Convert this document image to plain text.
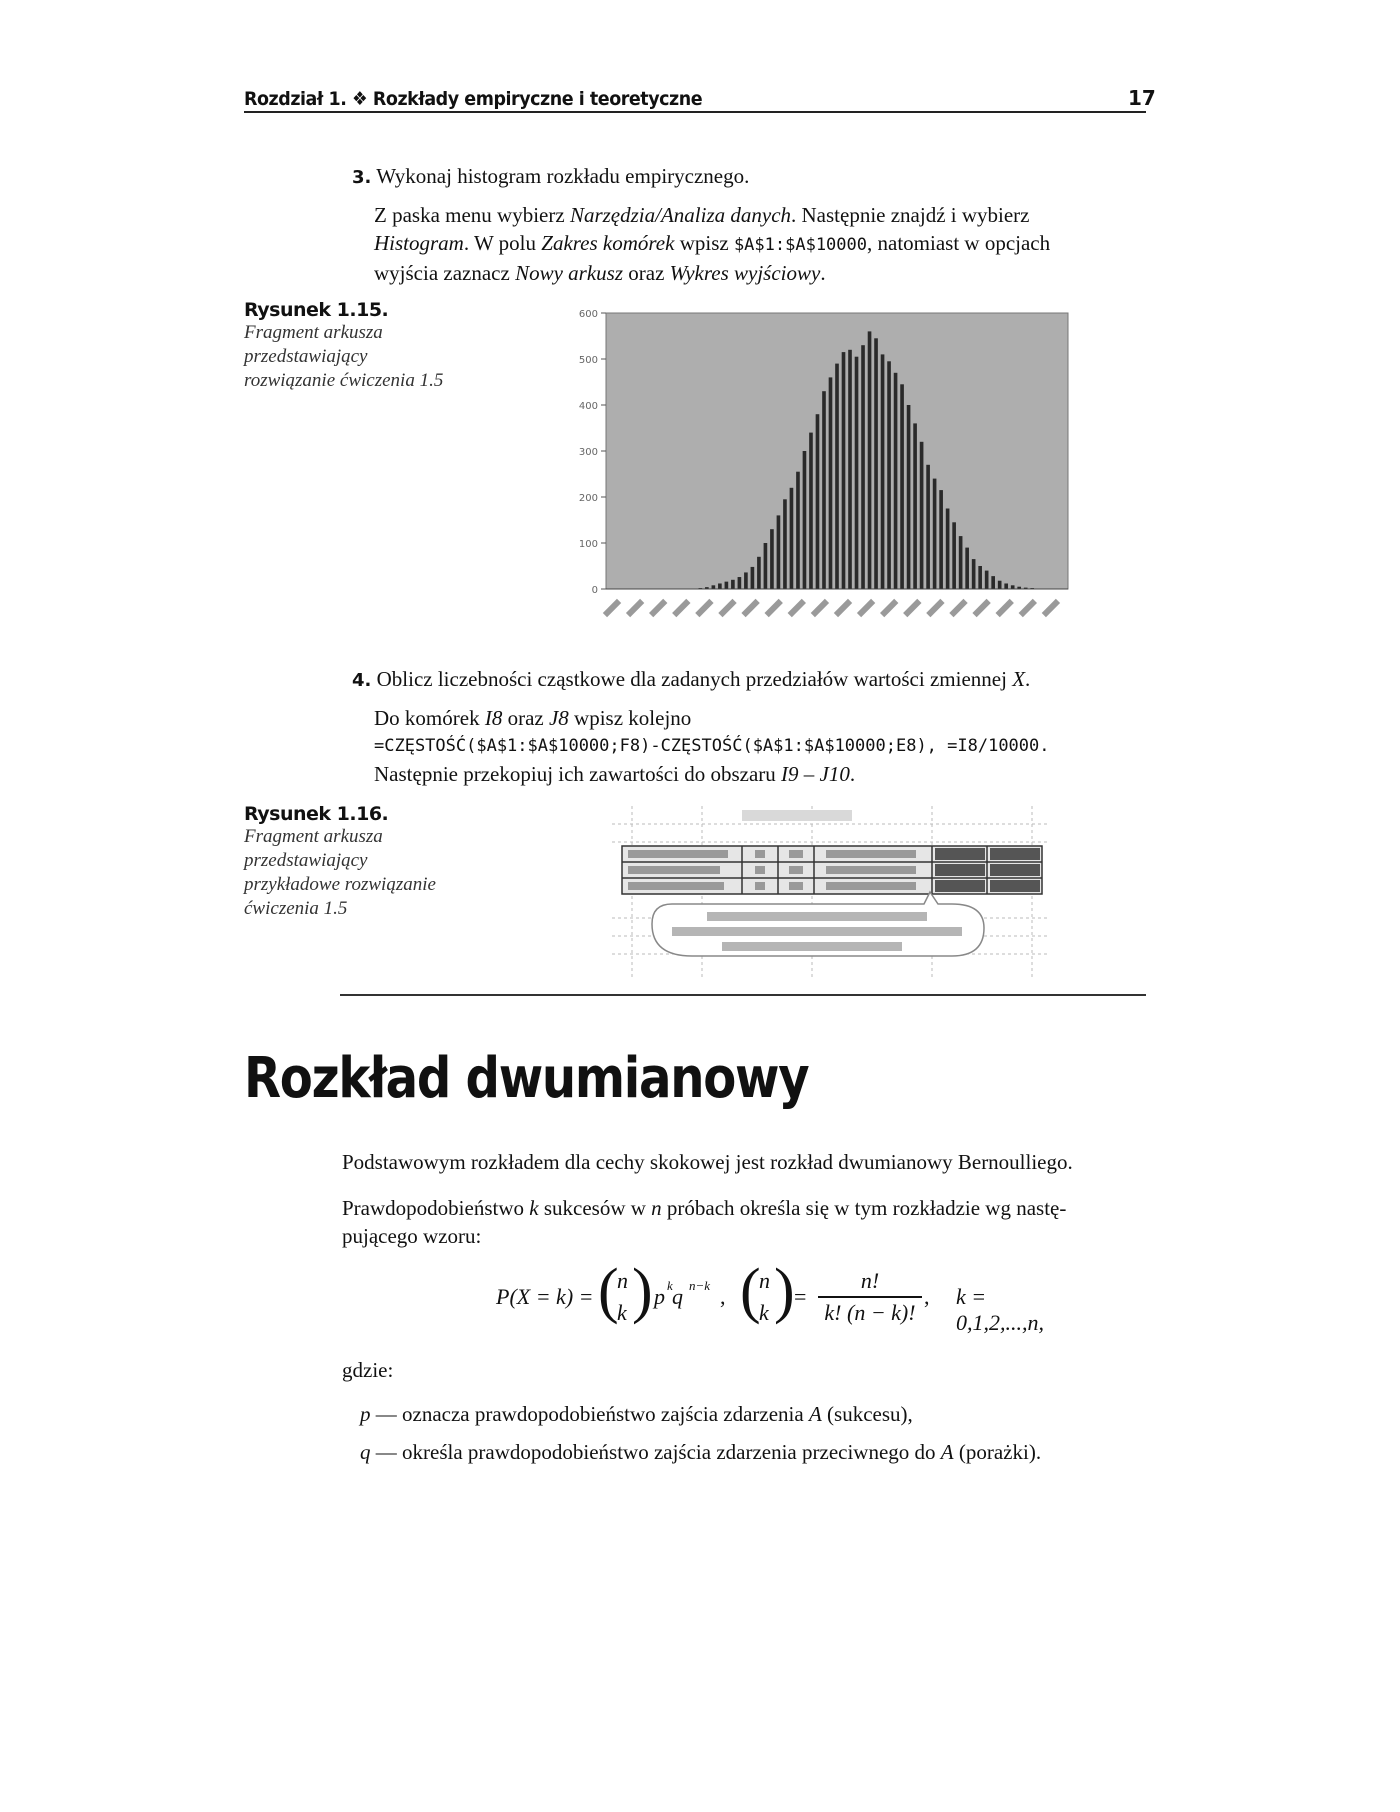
Rozdział 1. ❖ Rozkłady empiryczne i teoretyczne	17
3. Wykonaj histogram rozkładu empirycznego.
Z paska menu wybierz Narzędzia/Analiza danych. Następnie znajdź i wybierz
Histogram. W polu Zakres komórek wpisz $A$1:$A$10000, natomiast w opcjach
wyjścia zaznacz Nowy arkusz oraz Wykres wyjściowy.
Rysunek 1.15.
Fragment arkusza
przedstawiający
rozwiązanie ćwiczenia 1.5
600
500
400
300
200
100
0
4. Oblicz liczebności cząstkowe dla zadanych przedziałów wartości zmiennej X.
Do komórek I8 oraz J8 wpisz kolejno
=CZĘSTOŚĆ($A$1:$A$10000;F8)-CZĘSTOŚĆ($A$1:$A$10000;E8), =I8/10000.
Następnie przekopiuj ich zawartości do obszaru I9 – J10.
Rysunek 1.16.
Fragment arkusza
przedstawiający
przykładowe rozwiązanie
ćwiczenia 1.5
Rozkład dwumianowy
Podstawowym rozkładem dla cechy skokowej jest rozkład dwumianowy Bernoulliego.
Prawdopodobieństwo k sukcesów w n próbach określa się w tym rozkładzie wg nastę-
pującego wzoru:
P(X = k) = (
n
k ) p k q n−k , (
n
k ) =
n!
k! (n − k)!
, k = 0,1,2,...,n,
gdzie:
p — oznacza prawdopodobieństwo zajścia zdarzenia A (sukcesu),
q — określa prawdopodobieństwo zajścia zdarzenia przeciwnego do A (porażki).
